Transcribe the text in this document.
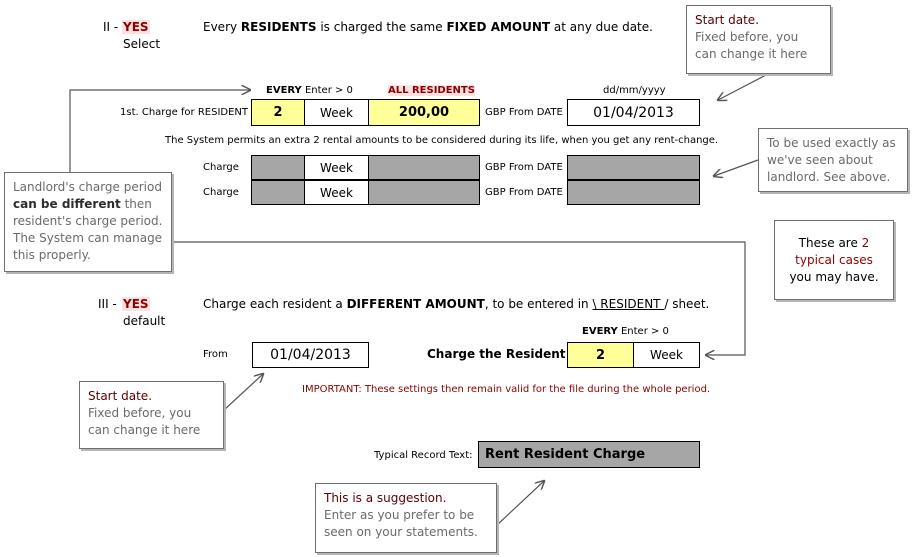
II - YES
Select
Every RESIDENTS is charged the same FIXED AMOUNT at any due date.
EVERY Enter > 0	ALL RESIDENTS	dd/mm/yyyy
1st. Charge for RESIDENT	2	Week	200,00	GBP From DATE	01/04/2013
The System permits an extra 2 rental amounts to be considered during its life, when you get any rent-change.
Charge	Week	GBP From DATE
Charge	Week	GBP From DATE
III - YES
default
Charge each resident a DIFFERENT AMOUNT, to be entered in \ RESIDENT / sheet.
EVERY Enter > 0
From	01/04/2013	Charge the Resident	2	Week
IMPORTANT: These settings then remain valid for the file during the whole period.
Typical Record Text: Rent Resident Charge
Start date.
Fixed before, you can change it here
To be used exactly as we've seen about landlord. See above.
Landlord's charge period can be different then resident's charge period. The System can manage this properly.
These are 2 typical cases you may have.
Start date.
Fixed before, you can change it here
This is a suggestion.
Enter as you prefer to be seen on your statements.
